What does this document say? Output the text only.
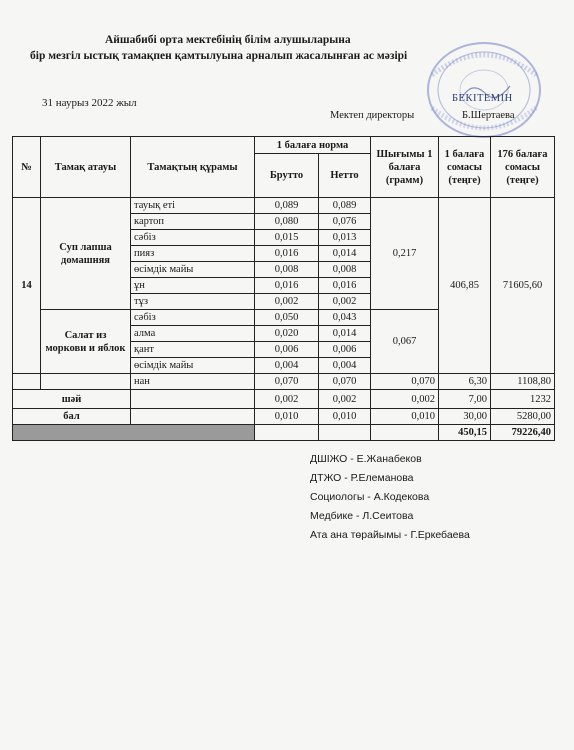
Айшабибі орта мектебінің білім алушыларына
бір мезгіл ыстық тамақпен қамтылуына арналып жасалынған ас мәзірі
31 наурыз 2022 жыл	БЕКІТЕМІН
Мектеп директоры	Б.Шертаева
№	Тамақ атауы	Тамақтың құрамы	1 балаға норма		Шығымы 1 балаға (грамм)	1 балаға сомасы (теңге)	176 балаға сомасы (теңге)
			Брутто	Нетто			
14	Суп лапша домашняя	тауық еті	0,089	0,089	0,217	406,85	71605,60
		картоп	0,080	0,076			
		сәбіз	0,015	0,013			
		пияз	0,016	0,014			
		өсімдік майы	0,008	0,008			
		ұн	0,016	0,016			
		тұз	0,002	0,002			
	Салат из моркови и яблок	сәбіз	0,050	0,043	0,067		
		алма	0,020	0,014			
		қант	0,006	0,006			
		өсімдік майы	0,004	0,004			
		нан	0,070	0,070	0,070	6,30	1108,80
шәй			0,002	0,002	0,002	7,00	1232
бал			0,010	0,010	0,010	30,00	5280,00
						450,15	79226,40
ДШІЖО - Е.Жанабеков
ДТЖО - Р.Елеманова
Социологы - А.Кодекова
Медбике - Л.Сеитова
Ата ана төрайымы - Г.Еркебаева
